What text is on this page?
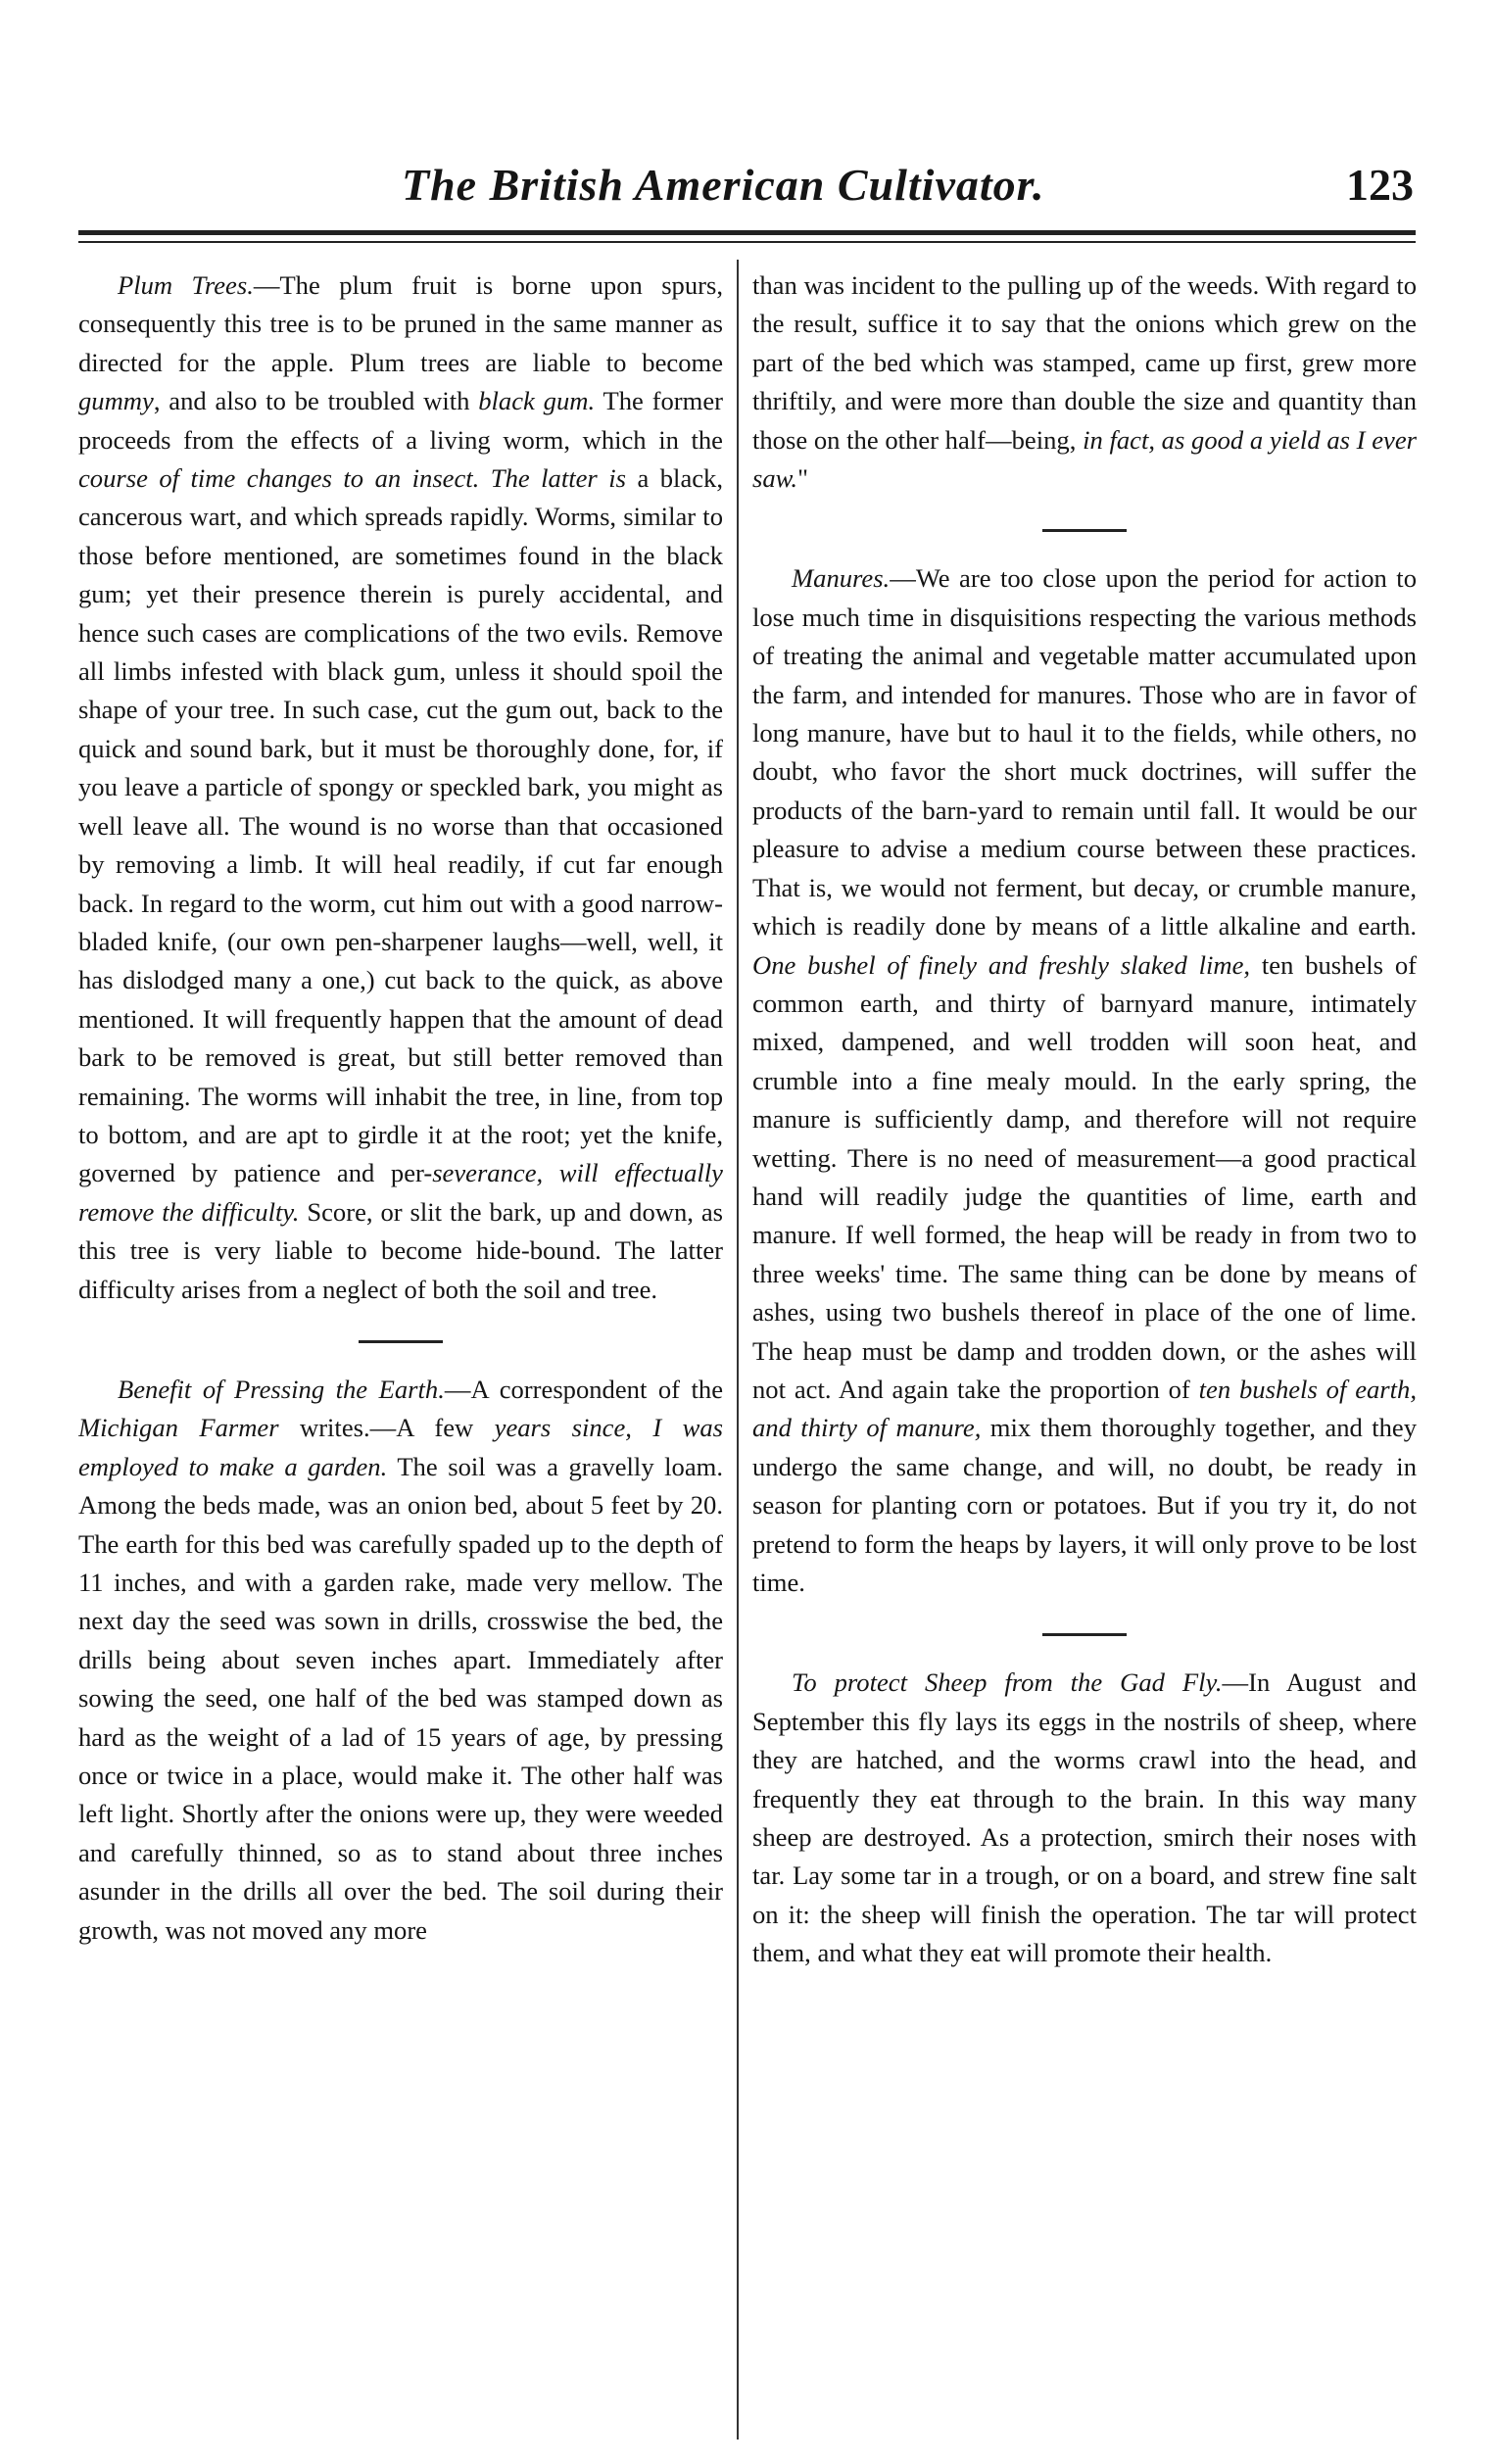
The British American Cultivator.	123

Plum Trees.—The plum fruit is borne upon spurs, consequently this tree is to be pruned in the same manner as directed for the apple. Plum trees are liable to become gummy, and also to be troubled with black gum. The former proceeds from the effects of a living worm, which in the course of time changes to an insect. The latter is a black, cancerous wart, and which spreads rapidly. Worms, similar to those before mentioned, are sometimes found in the black gum; yet their presence therein is purely accidental, and hence such cases are complications of the two evils. Remove all limbs infested with black gum, unless it should spoil the shape of your tree. In such case, cut the gum out, back to the quick and sound bark, but it must be thoroughly done, for, if you leave a particle of spongy or speckled bark, you might as well leave all. The wound is no worse than that occasioned by removing a limb. It will heal readily, if cut far enough back. In regard to the worm, cut him out with a good narrow-bladed knife, (our own pen-sharpener laughs—well, well, it has dislodged many a one,) cut back to the quick, as above mentioned. It will frequently happen that the amount of dead bark to be removed is great, but still better removed than remaining. The worms will inhabit the tree, in line, from top to bottom, and are apt to girdle it at the root; yet the knife, governed by patience and per-severance, will effectually remove the difficulty. Score, or slit the bark, up and down, as this tree is very liable to become hide-bound. The latter difficulty arises from a neglect of both the soil and tree.

Benefit of Pressing the Earth.—A correspondent of the Michigan Farmer writes.—A few years since, I was employed to make a garden. The soil was a gravelly loam. Among the beds made, was an onion bed, about 5 feet by 20. The earth for this bed was carefully spaded up to the depth of 11 inches, and with a garden rake, made very mellow. The next day the seed was sown in drills, crosswise the bed, the drills being about seven inches apart. Immediately after sowing the seed, one half of the bed was stamped down as hard as the weight of a lad of 15 years of age, by pressing once or twice in a place, would make it. The other half was left light. Shortly after the onions were up, they were weeded and carefully thinned, so as to stand about three inches asunder in the drills all over the bed. The soil during their growth, was not moved any more

than was incident to the pulling up of the weeds. With regard to the result, suffice it to say that the onions which grew on the part of the bed which was stamped, came up first, grew more thriftily, and were more than double the size and quantity than those on the other half—being, in fact, as good a yield as I ever saw."

Manures.—We are too close upon the period for action to lose much time in disquisitions respecting the various methods of treating the animal and vegetable matter accumulated upon the farm, and intended for manures. Those who are in favor of long manure, have but to haul it to the fields, while others, no doubt, who favor the short muck doctrines, will suffer the products of the barn-yard to remain until fall. It would be our pleasure to advise a medium course between these practices. That is, we would not ferment, but decay, or crumble manure, which is readily done by means of a little alkaline and earth. One bushel of finely and freshly slaked lime, ten bushels of common earth, and thirty of barnyard manure, intimately mixed, dampened, and well trodden will soon heat, and crumble into a fine mealy mould. In the early spring, the manure is sufficiently damp, and therefore will not require wetting. There is no need of measurement—a good practical hand will readily judge the quantities of lime, earth and manure. If well formed, the heap will be ready in from two to three weeks' time. The same thing can be done by means of ashes, using two bushels thereof in place of the one of lime. The heap must be damp and trodden down, or the ashes will not act. And again take the proportion of ten bushels of earth, and thirty of manure, mix them thoroughly together, and they undergo the same change, and will, no doubt, be ready in season for planting corn or potatoes. But if you try it, do not pretend to form the heaps by layers, it will only prove to be lost time.

To protect Sheep from the Gad Fly.—In August and September this fly lays its eggs in the nostrils of sheep, where they are hatched, and the worms crawl into the head, and frequently they eat through to the brain. In this way many sheep are destroyed. As a protection, smirch their noses with tar. Lay some tar in a trough, or on a board, and strew fine salt on it: the sheep will finish the operation. The tar will protect them, and what they eat will promote their health.
